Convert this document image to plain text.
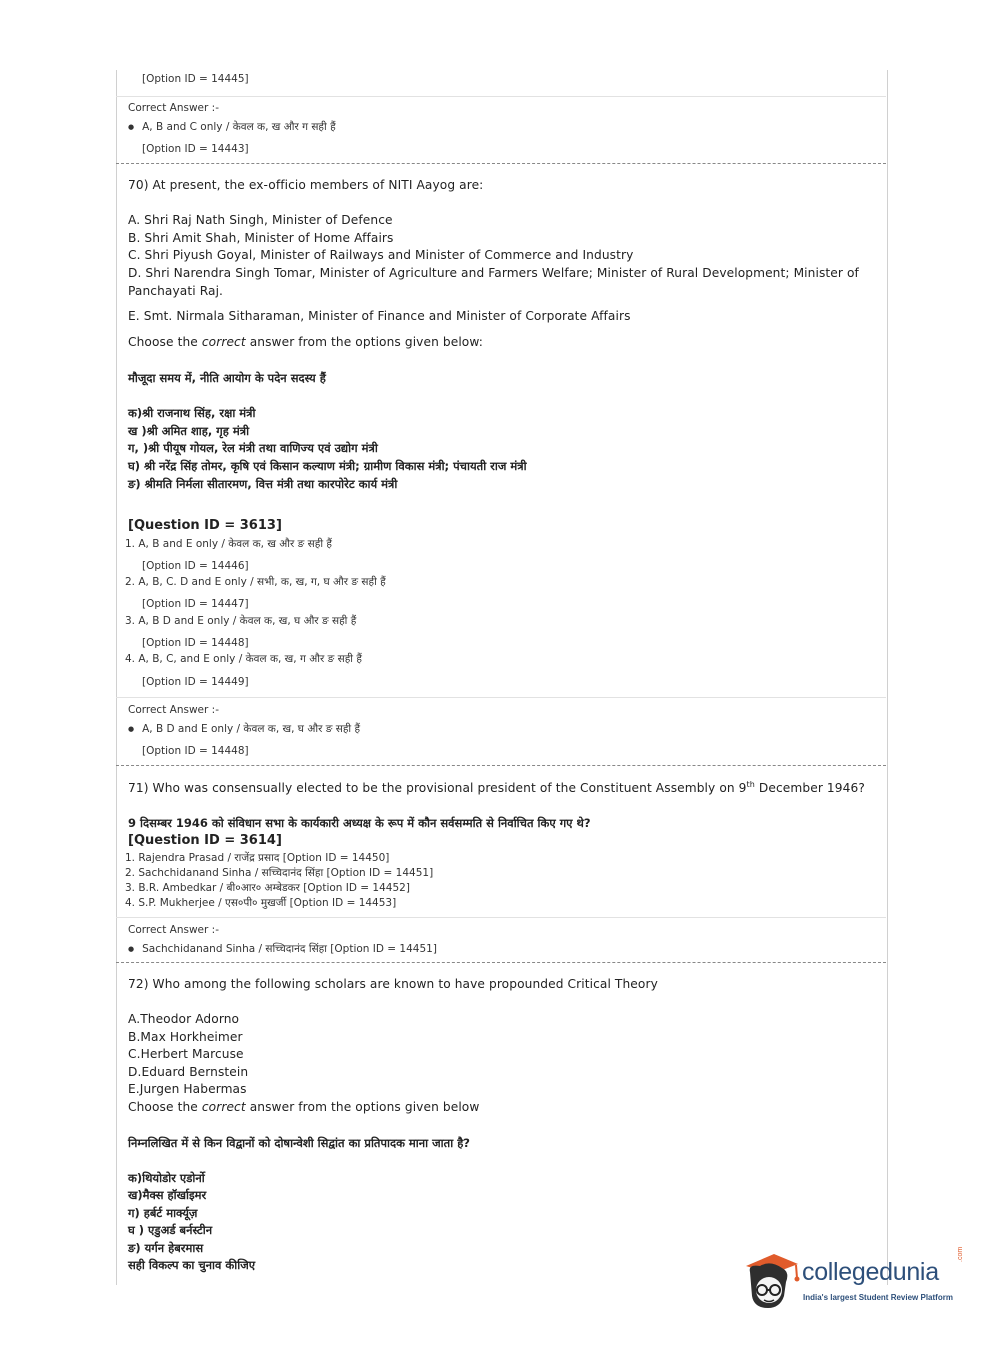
[Option ID = 14445]
Correct Answer :-
● A, B and C only / केवल क, ख और ग सही हैं
[Option ID = 14443]
70) At present, the ex-officio members of NITI Aayog are:
A. Shri Raj Nath Singh, Minister of Defence
B. Shri Amit Shah, Minister of Home Affairs
C. Shri Piyush Goyal, Minister of Railways and Minister of Commerce and Industry
D. Shri Narendra Singh Tomar, Minister of Agriculture and Farmers Welfare; Minister of Rural Development; Minister of
Panchayati Raj.
E. Smt. Nirmala Sitharaman, Minister of Finance and Minister of Corporate Affairs
Choose the correct answer from the options given below:
मौजूदा समय में, नीति आयोग के पदेन सदस्य हैं
क)श्री राजनाथ सिंह, रक्षा मंत्री
ख )श्री अमित शाह, गृह मंत्री
ग, )श्री पीयूष गोयल, रेल मंत्री तथा वाणिज्य एवं उद्योग मंत्री
घ) श्री नरेंद्र सिंह तोमर, कृषि एवं किसान कल्याण मंत्री; ग्रामीण विकास मंत्री; पंचायती राज मंत्री
ङ) श्रीमति निर्मला सीतारमण, वित्त मंत्री तथा कारपोरेट कार्य मंत्री
[Question ID = 3613]
1. A, B and E only / केवल क, ख और ङ सही हैं
[Option ID = 14446]
2. A, B, C. D and E only / सभी, क, ख, ग, घ और ङ सही हैं
[Option ID = 14447]
3. A, B D and E only / केवल क, ख, घ और ङ सही हैं
[Option ID = 14448]
4. A, B, C, and E only / केवल क, ख, ग और ङ सही हैं
[Option ID = 14449]
Correct Answer :-
● A, B D and E only / केवल क, ख, घ और ङ सही हैं
[Option ID = 14448]
71) Who was consensually elected to be the provisional president of the Constituent Assembly on 9th December 1946?
9 दिसम्बर 1946 को संविधान सभा के कार्यकारी अध्यक्ष के रूप में कौन सर्वसम्मति से निर्वाचित किए गए थे?
[Question ID = 3614]
1. Rajendra Prasad / राजेंद्र प्रसाद [Option ID = 14450]
2. Sachchidanand Sinha / सच्चिदानंद सिंहा [Option ID = 14451]
3. B.R. Ambedkar / बी०आर० अम्बेडकर [Option ID = 14452]
4. S.P. Mukherjee / एस०पी० मुखर्जी [Option ID = 14453]
Correct Answer :-
● Sachchidanand Sinha / सच्चिदानंद सिंहा [Option ID = 14451]
72) Who among the following scholars are known to have propounded Critical Theory
A.Theodor Adorno
B.Max Horkheimer
C.Herbert Marcuse
D.Eduard Bernstein
E.Jurgen Habermas
Choose the correct answer from the options given below
निम्नलिखित में से किन विद्वानों को दोषान्वेशी सिद्वांत का प्रतिपादक माना जाता है?
क)थियोडोर एडोर्नो
ख)मैक्स हॉर्खाइमर
ग) हर्बर्ट मार्क्यूज़
घ ) एडुअर्ड बर्नस्टीन
ङ) यर्गन हेबरमास
सही विकल्प का चुनाव कीजिए	collegedunia
.com
India's largest Student Review Platform
